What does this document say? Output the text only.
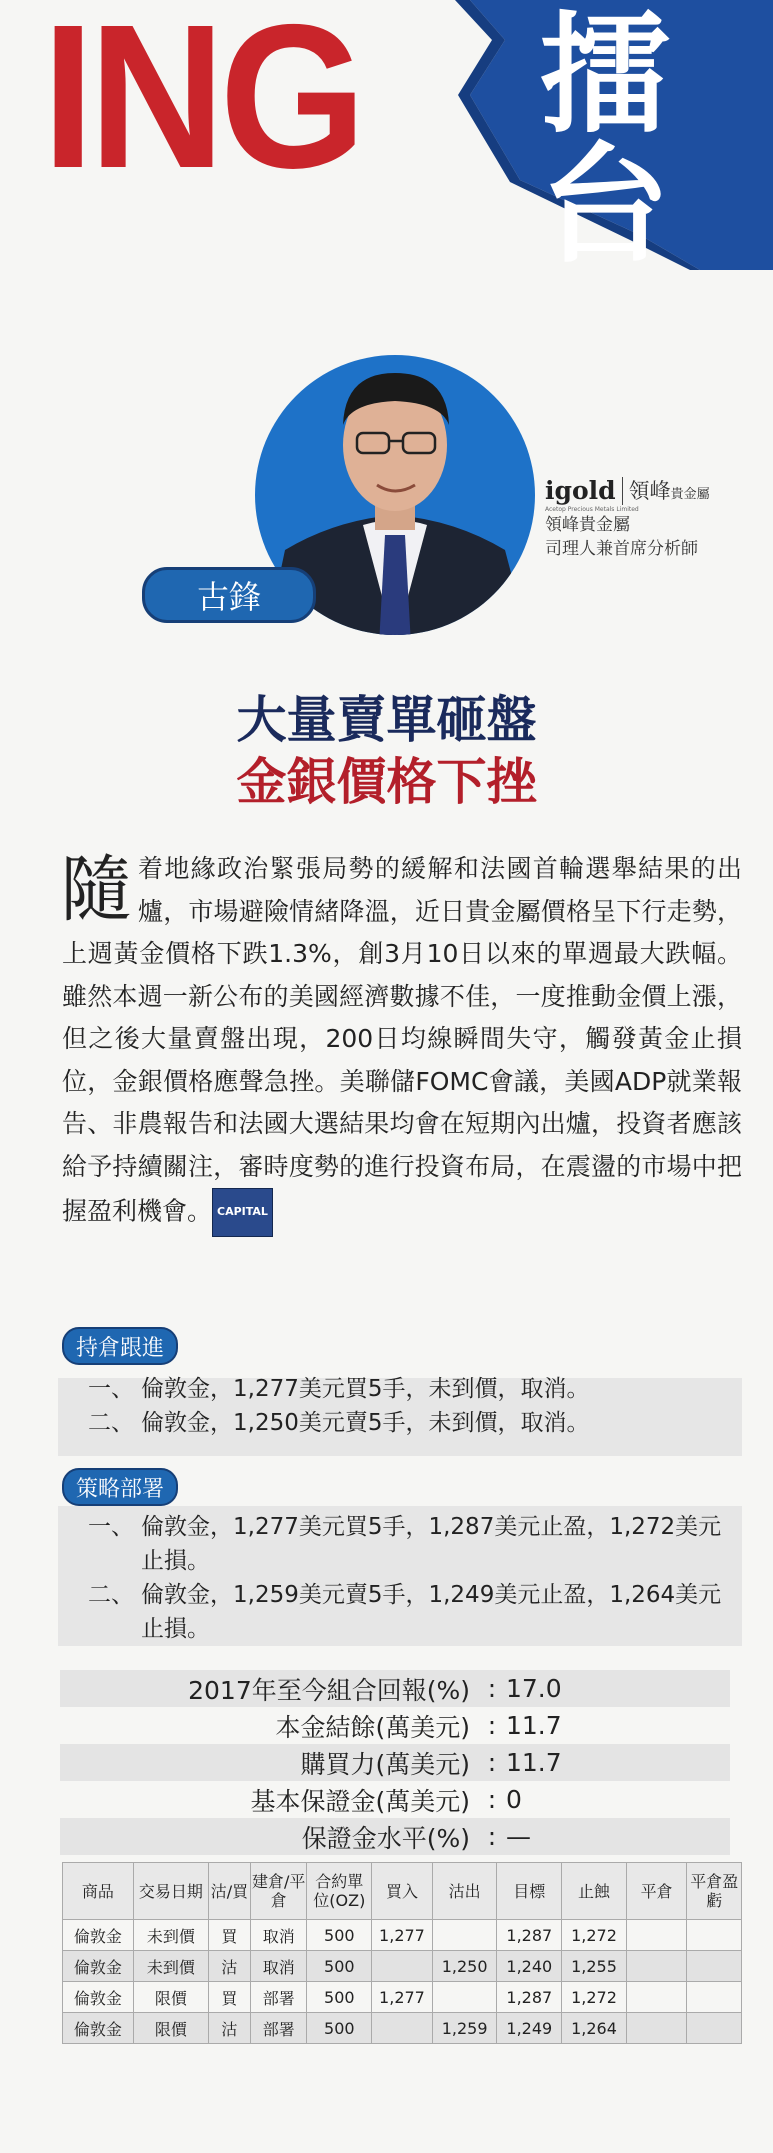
ING 擂台

古鋒
igold 領峰貴金屬
Acetop Precious Metals Limited
領峰貴金屬
司理人兼首席分析師
大量賣單砸盤
金銀價格下挫
隨着地緣政治緊張局勢的緩解和法國首輪選舉結果的出爐，市場避險情緒降溫，近日貴金屬價格呈下行走勢，上週黃金價格下跌1.3%，創3月10日以來的單週最大跌幅。雖然本週一新公布的美國經濟數據不佳，一度推動金價上漲，但之後大量賣盤出現，200日均線瞬間失守，觸發黃金止損位，金銀價格應聲急挫。美聯儲FOMC會議，美國ADP就業報告、非農報告和法國大選結果均會在短期內出爐，投資者應該給予持續關注，審時度勢的進行投資布局，在震盪的市場中把握盈利機會。 CAPITAL

持倉跟進
一、 倫敦金，1,277美元買5手，未到價，取消。
二、 倫敦金，1,250美元賣5手，未到價，取消。
策略部署
一、 倫敦金，1,277美元買5手，1,287美元止盈，1,272美元止損。
二、 倫敦金，1,259美元賣5手，1,249美元止盈，1,264美元止損。
2017年至今組合回報(%) : 17.0
本金結餘(萬美元) : 11.7
購買力(萬美元) : 11.7
基本保證金(萬美元) : 0
保證金水平(%) : —
商品	交易日期	沽/買	建倉/平倉	合約單位(OZ)	買入	沽出	目標	止蝕	平倉	平倉盈虧
倫敦金	未到價	買	取消	500	1,277		1,287	1,272		
倫敦金	未到價	沽	取消	500		1,250	1,240	1,255		
倫敦金	限價	買	部署	500	1,277		1,287	1,272		
倫敦金	限價	沽	部署	500		1,259	1,249	1,264		
